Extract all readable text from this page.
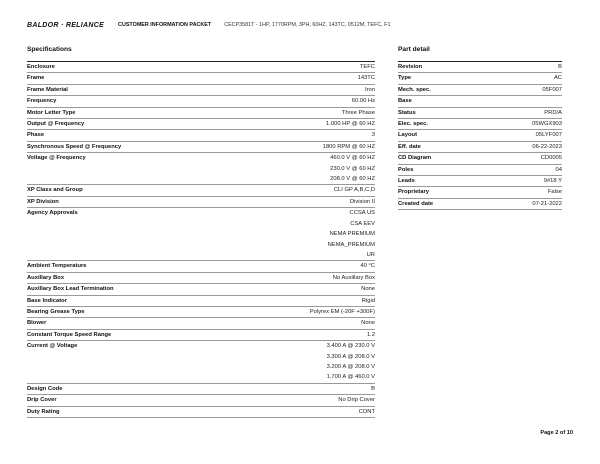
BALDOR · RELIANCE	CUSTOMER INFORMATION PACKET CECP3581T - 1HP, 1770RPM, 3PH, 60HZ, 143TC, 0512M, TEFC, F1
Specifications	Part detail
Enclosure	TEFC
Frame	143TC
Frame Material	Iron
Frequency	60.00 Hz
Motor Letter Type	Three Phase
Output @ Frequency	1.000 HP @ 60 HZ
Phase	3
Synchronous Speed @ Frequency	1800 RPM @ 60 HZ
Voltage @ Frequency	460.0 V @ 60 HZ
230.0 V @ 60 HZ
208.0 V @ 60 HZ
XP Class and Group	CLI GP A,B,C,D
XP Division	Division II
Agency Approvals	CCSA US
CSA EEV
NEMA PREMIUM
NEMA_PREMIUM
UR
Ambient Temperature	40 °C
Auxillary Box	No Auxillary Box
Auxillary Box Lead Termination	None
Base Indicator	Rigid
Bearing Grease Type	Polyrex EM (-20F +300F)
Blower	None
Constant Torque Speed Range	1.2
Current @ Voltage	3.400 A @ 230.0 V
3.300 A @ 208.0 V
3.200 A @ 208.0 V
1.700 A @ 460.0 V
Design Code	B
Drip Cover	No Drip Cover
Duty Rating	CONT
Revision	B
Type	AC
Mech. spec.	05F007
Base
Status	PRD/A
Elec. spec.	05WGX903
Layout	05LYF007
Eff. date	06-22-2023
CD Diagram	CD0005
Poles	04
Leads	9#18 Y
Proprietary	False
Created date	07-21-2022
Page 2 of 10
